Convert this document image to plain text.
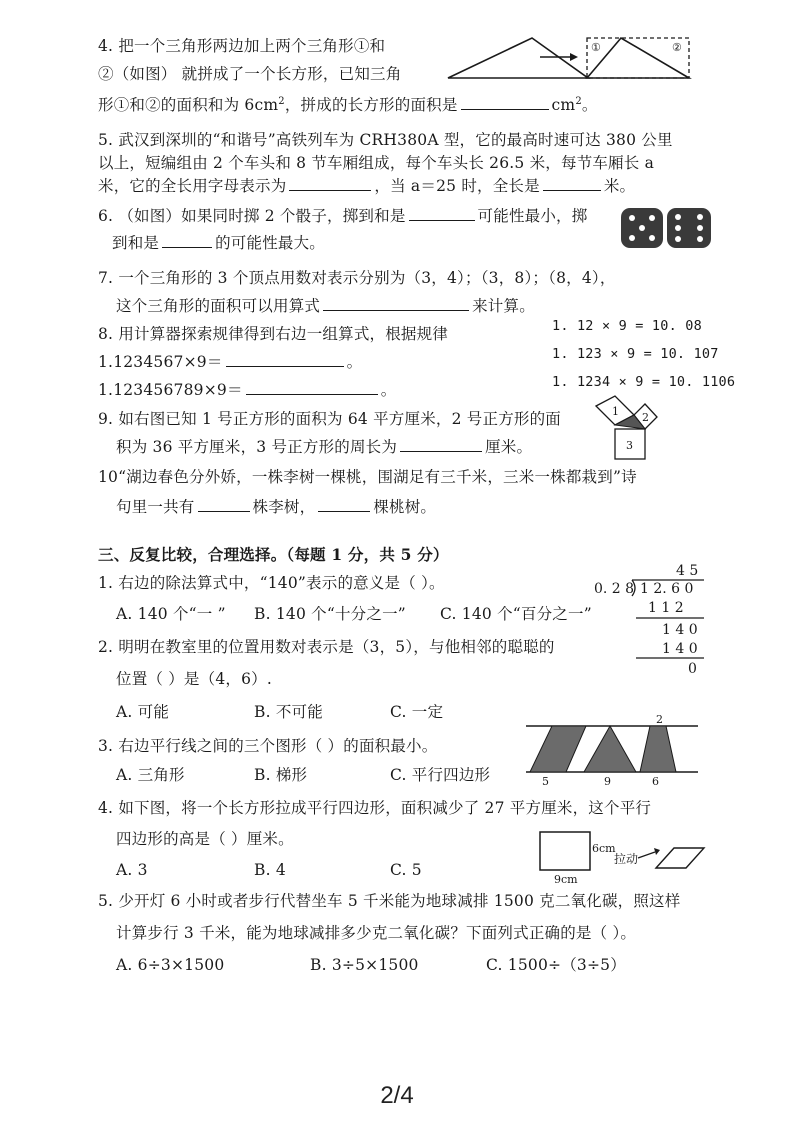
4. 把一个三角形两边加上两个三角形①和
②（如图） 就拼成了一个长方形，已知三角
形①和②的面积和为 $6cm^2$，拼成的长方形的面积是	$cm^2$。
①	②
5. 武汉到深圳的“和谐号”高铁列车为 CRH380A 型，它的最高时速可达 380 公里
以上，短编组由 2 个车头和 8 节车厢组成，每个车头长 26.5 米，每节车厢长 a
米，它的全长用字母表示为	，当 a＝25 时，全长是	米。
6. （如图）如果同时掷 2 个骰子，掷到和是	可能性最小，掷
到和是	的可能性最大。
7. 一个三角形的 3 个顶点用数对表示分别为（3，4）；（3，8）；（8，4），
这个三角形的面积可以用算式	来计算。
8. 用计算器探索规律得到右边一组算式，根据规律
1.1234567×9＝	。
1.123456789×9＝	。
1. 12 × 9 = 10. 08
1. 123 × 9 = 10. 107
1. 1234 × 9 = 10. 1106
9. 如右图已知 1 号正方形的面积为 64 平方厘米，2 号正方形的面
积为 36 平方厘米，3 号正方形的周长为	厘米。
1 2
3
10“湖边春色分外娇，一株李树一棵桃，围湖足有三千米，三米一株都栽到”诗
句里一共有	株李树，	棵桃树。
三、反复比较，合理选择。（每题 1 分，共 5 分）
1. 右边的除法算式中，“140”表示的意义是（ ）。
A. 140 个“一 ” B. 140 个“十分之一” C. 140 个“百分之一”
4 5
0. 2 8 1 2. 6 0
1 1 2
1 4 0
1 4 0
0
2. 明明在教室里的位置用数对表示是（3，5），与他相邻的聪聪的
位置（ ）是（4，6）.
A. 可能	B. 不可能	C. 一定
3. 右边平行线之间的三个图形（ ）的面积最小。
A. 三角形	B. 梯形	C. 平行四边形
2
5	9	6
4. 如下图，将一个长方形拉成平行四边形，面积减少了 27 平方厘米，这个平行
四边形的高是（ ）厘米。
A. 3	B. 4	C. 5
6cm
9cm
拉动
5. 少开灯 6 小时或者步行代替坐车 5 千米能为地球减排 1500 克二氧化碳，照这样
计算步行 3 千米，能为地球减排多少克二氧化碳？下面列式正确的是（ ）。
A. 6÷3×1500	B. 3÷5×1500	C. 1500÷（3÷5）
2/4
